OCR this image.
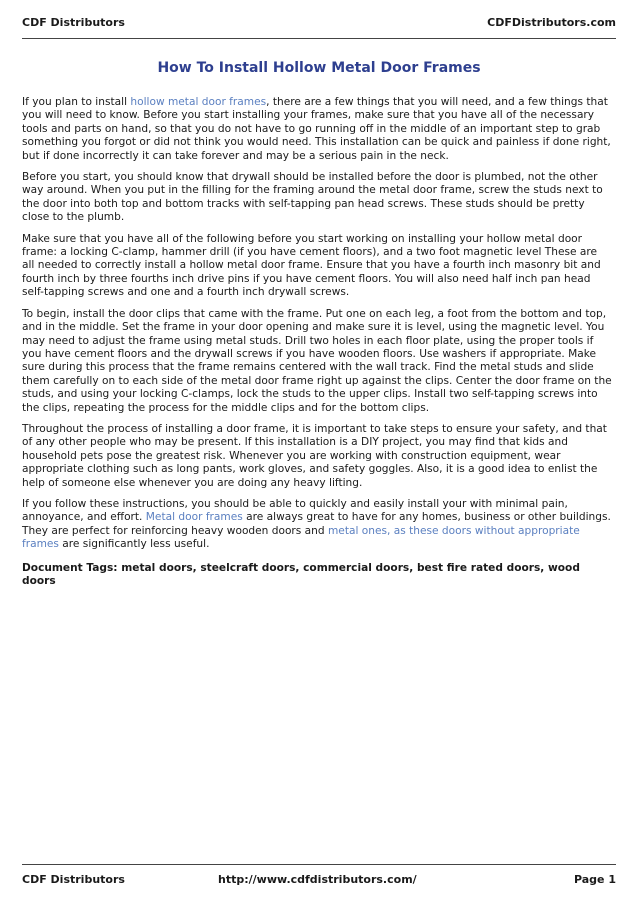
CDF Distributors	CDFDistributors.com
How To Install Hollow Metal Door Frames

If you plan to install hollow metal door frames, there are a few things that you will need, and a few things that you will need to know. Before you start installing your frames, make sure that you have all of the necessary tools and parts on hand, so that you do not have to go running off in the middle of an important step to grab something you forgot or did not think you would need. This installation can be quick and painless if done right, but if done incorrectly it can take forever and may be a serious pain in the neck.

Before you start, you should know that drywall should be installed before the door is plumbed, not the other way around. When you put in the filling for the framing around the metal door frame, screw the studs next to the door into both top and bottom tracks with self-tapping pan head screws. These studs should be pretty close to the plumb.

Make sure that you have all of the following before you start working on installing your hollow metal door frame: a locking C-clamp, hammer drill (if you have cement floors), and a two foot magnetic level These are all needed to correctly install a hollow metal door frame. Ensure that you have a fourth inch masonry bit and fourth inch by three fourths inch drive pins if you have cement floors. You will also need half inch pan head self-tapping screws and one and a fourth inch drywall screws.

To begin, install the door clips that came with the frame. Put one on each leg, a foot from the bottom and top, and in the middle. Set the frame in your door opening and make sure it is level, using the magnetic level. You may need to adjust the frame using metal studs. Drill two holes in each floor plate, using the proper tools if you have cement floors and the drywall screws if you have wooden floors. Use washers if appropriate. Make sure during this process that the frame remains centered with the wall track. Find the metal studs and slide them carefully on to each side of the metal door frame right up against the clips. Center the door frame on the studs, and using your locking C-clamps, lock the studs to the upper clips. Install two self-tapping screws into the clips, repeating the process for the middle clips and for the bottom clips.

Throughout the process of installing a door frame, it is important to take steps to ensure your safety, and that of any other people who may be present. If this installation is a DIY project, you may find that kids and household pets pose the greatest risk. Whenever you are working with construction equipment, wear appropriate clothing such as long pants, work gloves, and safety goggles. Also, it is a good idea to enlist the help of someone else whenever you are doing any heavy lifting.

If you follow these instructions, you should be able to quickly and easily install your with minimal pain, annoyance, and effort. Metal door frames are always great to have for any homes, business or other buildings. They are perfect for reinforcing heavy wooden doors and metal ones, as these doors without appropriate frames are significantly less useful.

Document Tags: metal doors, steelcraft doors, commercial doors, best fire rated doors, wood doors

CDF Distributors	http://www.cdfdistributors.com/	Page 1
